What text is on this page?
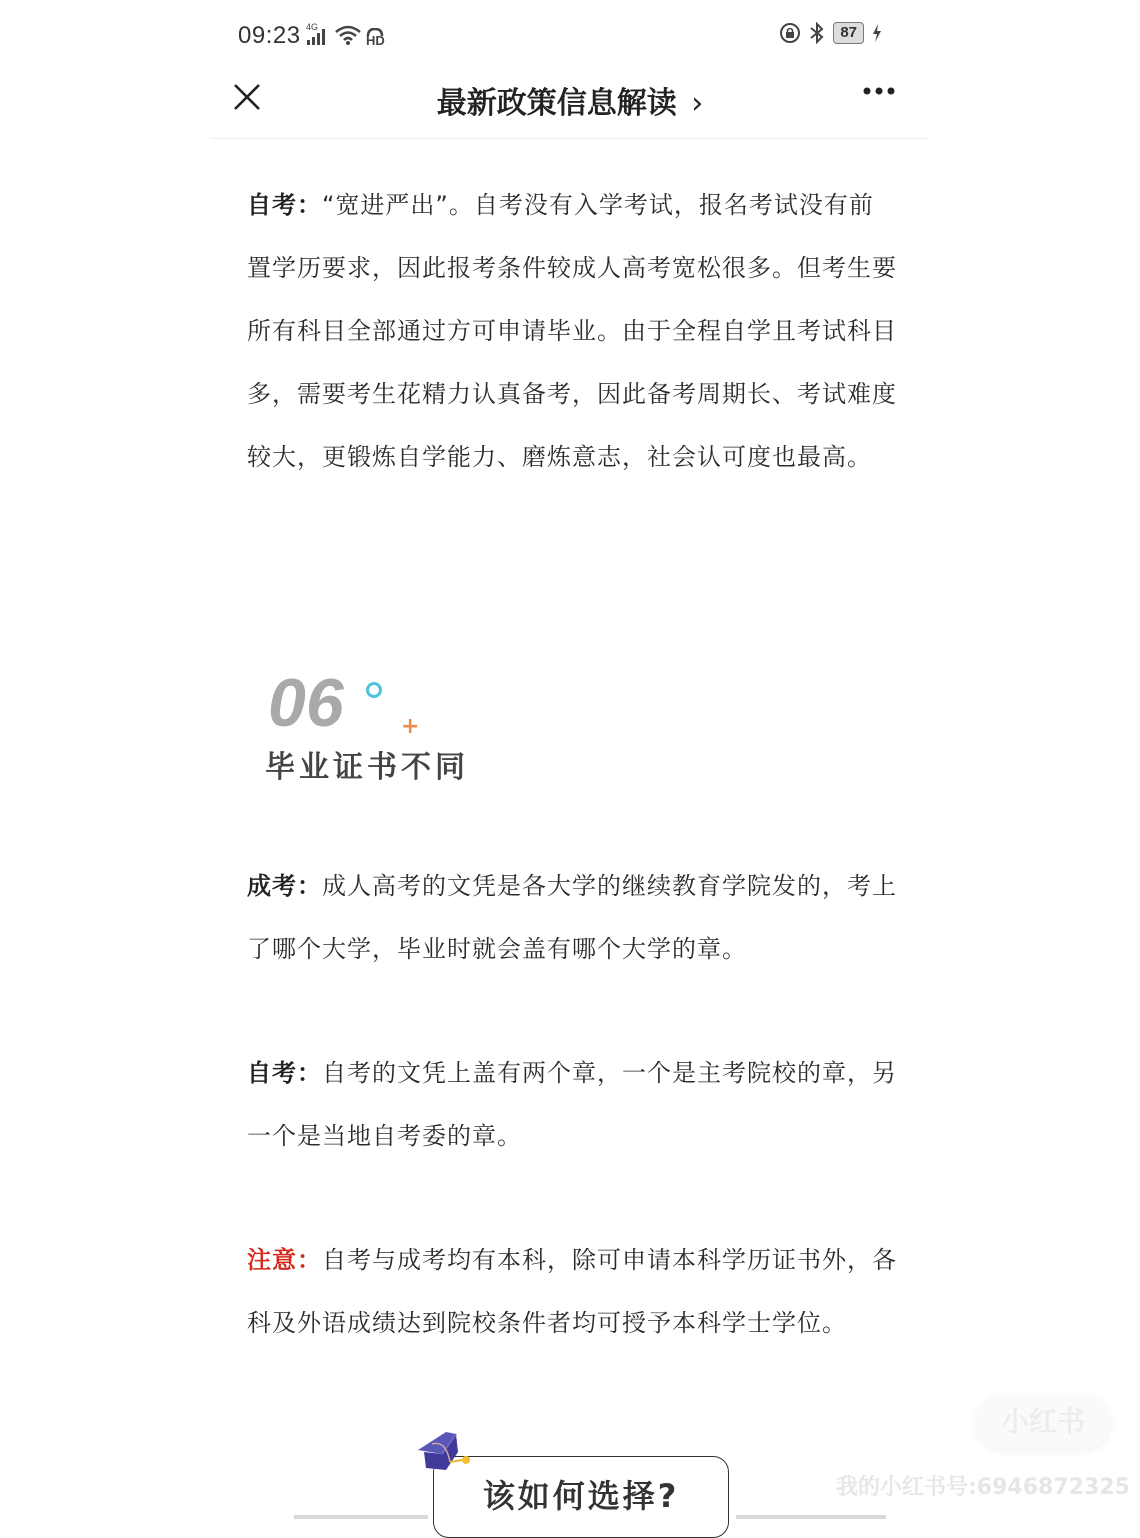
09:23 4G
HD	87
最新政策信息解读 ›
自考：“宽进严出”。自考没有入学考试，报名考试没有前置学历要求，因此报考条件较成人高考宽松很多。但考生要所有科目全部通过方可申请毕业。由于全程自学且考试科目多，需要考生花精力认真备考，因此备考周期长、考试难度较大，更锻炼自学能力、磨炼意志，社会认可度也最高。
06	+
毕业证书不同
成考：成人高考的文凭是各大学的继续教育学院发的，考上了哪个大学，毕业时就会盖有哪个大学的章。
自考：自考的文凭上盖有两个章，一个是主考院校的章，另一个是当地自考委的章。
注意：自考与成考均有本科，除可申请本科学历证书外，各科及外语成绩达到院校条件者均可授予本科学士学位。
该如何选择?
小红书
我的小红书号:6946872325
